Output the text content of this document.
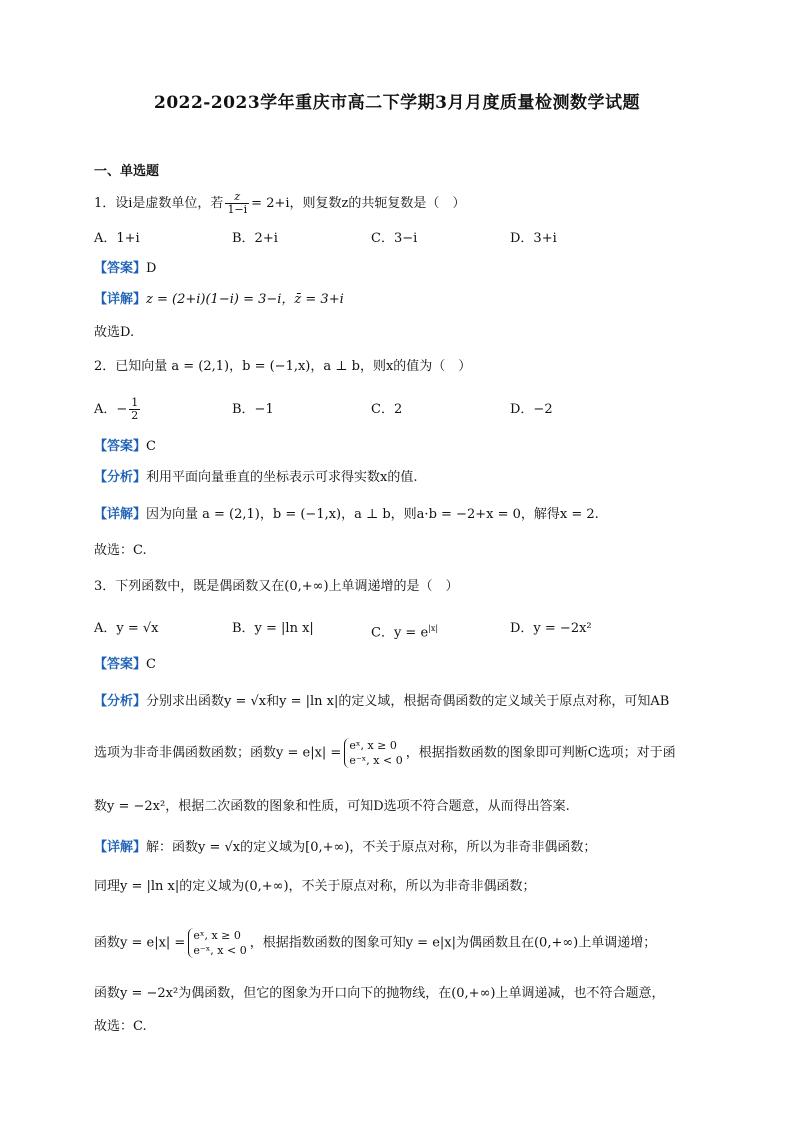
2022-2023学年重庆市高二下学期3月月度质量检测数学试题
一、单选题
1．设i是虚数单位，若 $\frac{z}{1-i} = 2+i$，则复数z的共轭复数是（　）
A．1+i	B．2+i	C．3−i	D．3+i
【答案】D
【详解】z = (2+i)(1−i) = 3−i，z̄ = 3+i
故选D.
2．已知向量 a = (2,1)，b = (−1,x)，a ⊥ b，则x的值为（　）
A．− $\frac{1}{2}$	B．−1	C．2	D．−2
【答案】C
【分析】利用平面向量垂直的坐标表示可求得实数x的值.
【详解】因为向量 a = (2,1)，b = (−1,x)，a ⊥ b，则a·b = −2+x = 0，解得x = 2.
故选：C.
3．下列函数中，既是偶函数又在(0,+∞)上单调递增的是（　）
A．y = √x	B．y = |ln x|	C．$y = e^{|x|}$	D．y = −2x²
【答案】C
【分析】分别求出函数y = √x和y = |ln x|的定义域，根据奇偶函数的定义域关于原点对称，可知AB
选项为非奇非偶函数函数；函数y = e|x| = eˣ, x ≥ 0
e⁻ˣ, x < 0 ，根据指数函数的图象即可判断C选项；对于函
数y = −2x²，根据二次函数的图象和性质，可知D选项不符合题意，从而得出答案.
【详解】解：函数y = √x的定义域为[0,+∞)，不关于原点对称，所以为非奇非偶函数；
同理y = |ln x|的定义域为(0,+∞)，不关于原点对称，所以为非奇非偶函数；
函数y = e|x| = eˣ, x ≥ 0
e⁻ˣ, x < 0 ，根据指数函数的图象可知y = e|x|为偶函数且在(0,+∞)上单调递增；
函数y = −2x²为偶函数，但它的图象为开口向下的抛物线，在(0,+∞)上单调递减，也不符合题意，
故选：C.
